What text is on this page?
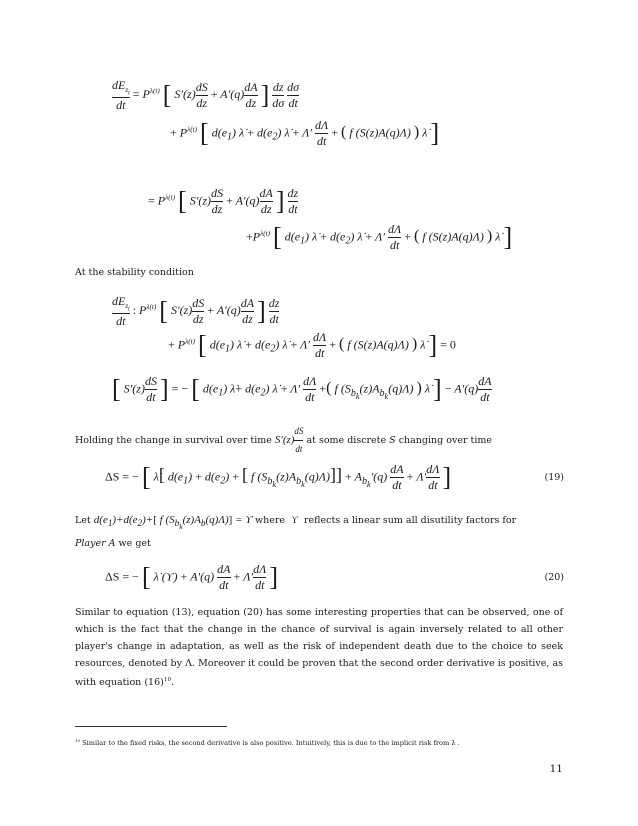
$dE_{z_t}$
dt
= $P^{\lambda(t)}$ [ $S'(z) \frac{dS}{dz} + A'(q) \frac{dA}{dz}$ ] $\frac{dz}{d\sigma}$
$\frac{d\sigma}{dt}$
+ $P^{\lambda(t)}$ [ $d(e_1)$ λ̇ + $d(e_2)$ λ̇ + $\Lambda' \frac{d\Lambda}{dt}$ + ( f (S(z)A(q)Λ) ) λ̇ ]
= $P^{\lambda(t)}$ [ $S'(z) \frac{dS}{dz} + A'(q) \frac{dA}{dz}$ ] $\frac{dz}{dt}$
$+P^{\lambda(t)}$ [ $d(e_1)$ λ̇ + $d(e_2)$ λ̇ + $\Lambda' \frac{d\Lambda}{dt}$ + ( f (S(z)A(q)Λ) ) λ̇ ]
At the stability condition
$dE_{z_t}$
dt
: $P^{\lambda(t)}$ [ $S'(z) \frac{dS}{dz} + A'(q) \frac{dA}{dz}$ ] $\frac{dz}{dt}$
+ $P^{\lambda(t)}$ [ $d(e_1)$ λ̇ + $d(e_2)$ λ̇ + $\Lambda' \frac{d\Lambda}{dt}$ + ( f (S(z)A(q)Λ) ) λ̇ ] = 0
[ $S'(z) \frac{dS}{dt}$ ] = − [ $d(e_1)$ λ̇+ $d(e_2)$ λ̇ + $\Lambda' \frac{d\Lambda}{dt}$ +( f $(S_{b_k}(z)A_{b_k}(q)\Lambda)$ ) λ̇ ] − $A'(q) \frac{dA}{dt}$
Holding the change in survival over time $S'(z) \frac{dS}{dt}$ at some discrete S changing over time
ΔS = − [ λ̇[ $d(e_1) + d(e_2)$ + [ f $(S_{b_k}(z)A_{b_k}(q)\Lambda)]] + A_{b_k}'(q) \frac{dA}{dt} + \Lambda' \frac{d\Lambda}{dt}$ ]	(19)
Let $d(e_1)+d(e_2)+$[ f $(S_{b_k}(z)A_b(q)\Lambda)] = ϒ$ where ϒ reflects a linear sum all disutility factors for
Player A we get
ΔS = − [ λ̇ $(ϒ) + A'(q) \frac{dA}{dt} + \Lambda' \frac{d\Lambda}{dt}$ ]	(20)
Similar to equation (13), equation (20) has some interesting properties that can be observed, one of which is the fact that the change in the chance of survival is again inversely related to all other player's change in adaptation, as well as the risk of independent death due to the choice to seek resources, denoted by Λ. Moreover it could be proven that the second order derivative is positive, as with equation $(16)^{10}$.
$^{10}$ Similar to the fixed risks, the second derivative is also positive. Intuitively, this is due to the implicit risk from λ̇ .
11
